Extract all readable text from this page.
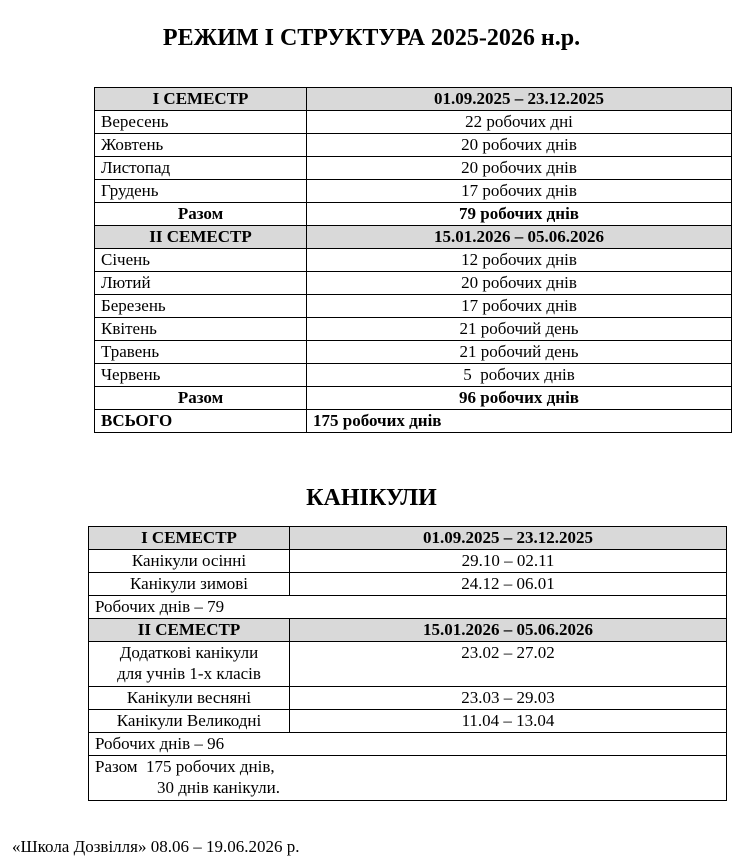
РЕЖИМ І СТРУКТУРА 2025-2026 н.р.
І СЕМЕСТР	01.09.2025 – 23.12.2025
Вересень	22 робочих дні
Жовтень	20 робочих днів
Листопад	20 робочих днів
Грудень	17 робочих днів
Разом	79 робочих днів
ІІ СЕМЕСТР	15.01.2026 – 05.06.2026
Січень	12 робочих днів
Лютий	20 робочих днів
Березень	17 робочих днів
Квітень	21 робочий день
Травень	21 робочий день
Червень	5  робочих днів
Разом	96 робочих днів
ВСЬОГО	175 робочих днів
КАНІКУЛИ
І СЕМЕСТР	01.09.2025 – 23.12.2025
Канікули осінні	29.10 – 02.11
Канікули зимові	24.12 – 06.01
Робочих днів – 79	
ІІ СЕМЕСТР	15.01.2026 – 05.06.2026

Додаткові канікули
для учнів 1-х класів	23.02 – 27.02
Канікули весняні	23.03 – 29.03
Канікули Великодні	11.04 – 13.04
Робочих днів – 96	

Разом  175 робочих днів,
30 днів канікули.	
«Школа Дозвілля» 08.06 – 19.06.2026 р.
